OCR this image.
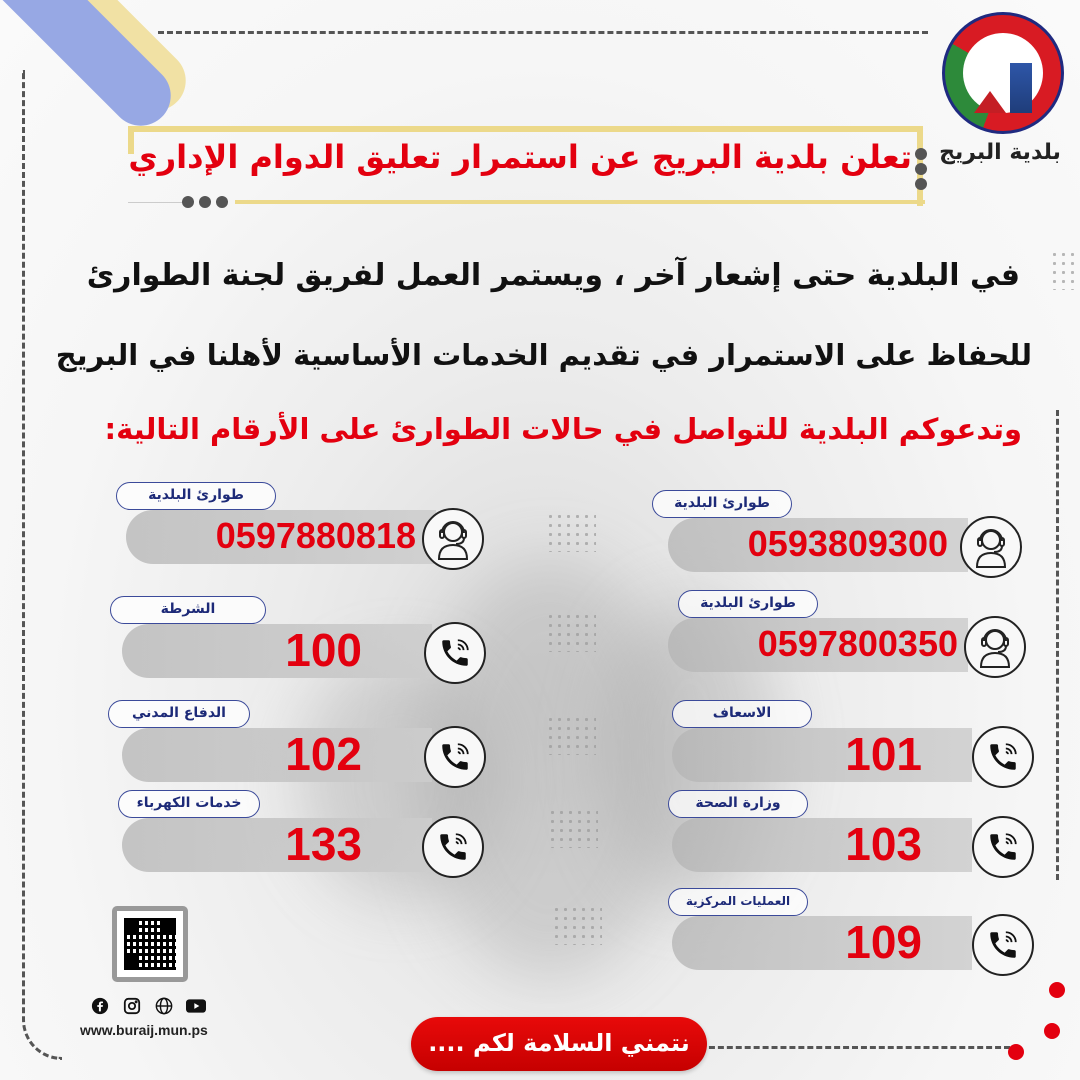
بلدية البريج
تعلن بلدية البريج عن استمرار تعليق الدوام الإداري
في البلدية حتى إشعار آخر ، ويستمر العمل لفريق لجنة الطوارئ
للحفاظ على الاستمرار في تقديم الخدمات الأساسية لأهلنا في البريج
وتدعوكم البلدية للتواصل في حالات الطوارئ على الأرقام التالية:
طوارئ البلدية
0593809300
طوارئ البلدية
0597800350
الاسعاف
101
وزارة الصحة
103
العمليات المركزية
109
طوارئ البلدية
0597880818
الشرطة
100
الدفاع المدني
102
خدمات الكهرباء
133
www.buraij.mun.ps	نتمني السلامة لكم ....
